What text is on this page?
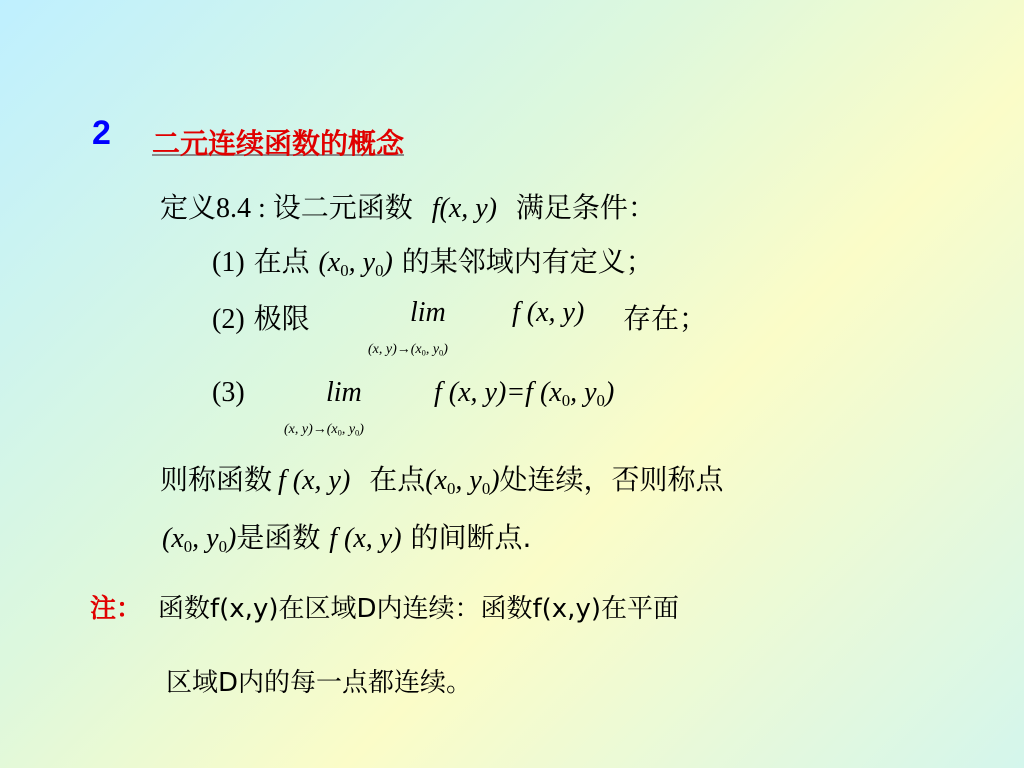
2 二元连续函数的概念
定义8.4 : 设二元函数 f(x, y) 满足条件：
(1) 在点 ($x_0$, $y_0$) 的某邻域内有定义；
(2) 极限	lim f (x, y) 存在；
(x, $y)\to(x_0$, $y_0$)
(3)	lim	f (x, y)=f ($x_0$, $y_0$)
(x, $y)\to(x_0$, $y_0$)
则称函数 f (x, y) 在点($x_0$, $y_0$)处连续，否则称点
($x_0$, $y_0$)是函数 f (x, y) 的间断点.
注： 函数f(x,y)在区域D内连续：函数f(x,y)在平面
区域D内的每一点都连续。
